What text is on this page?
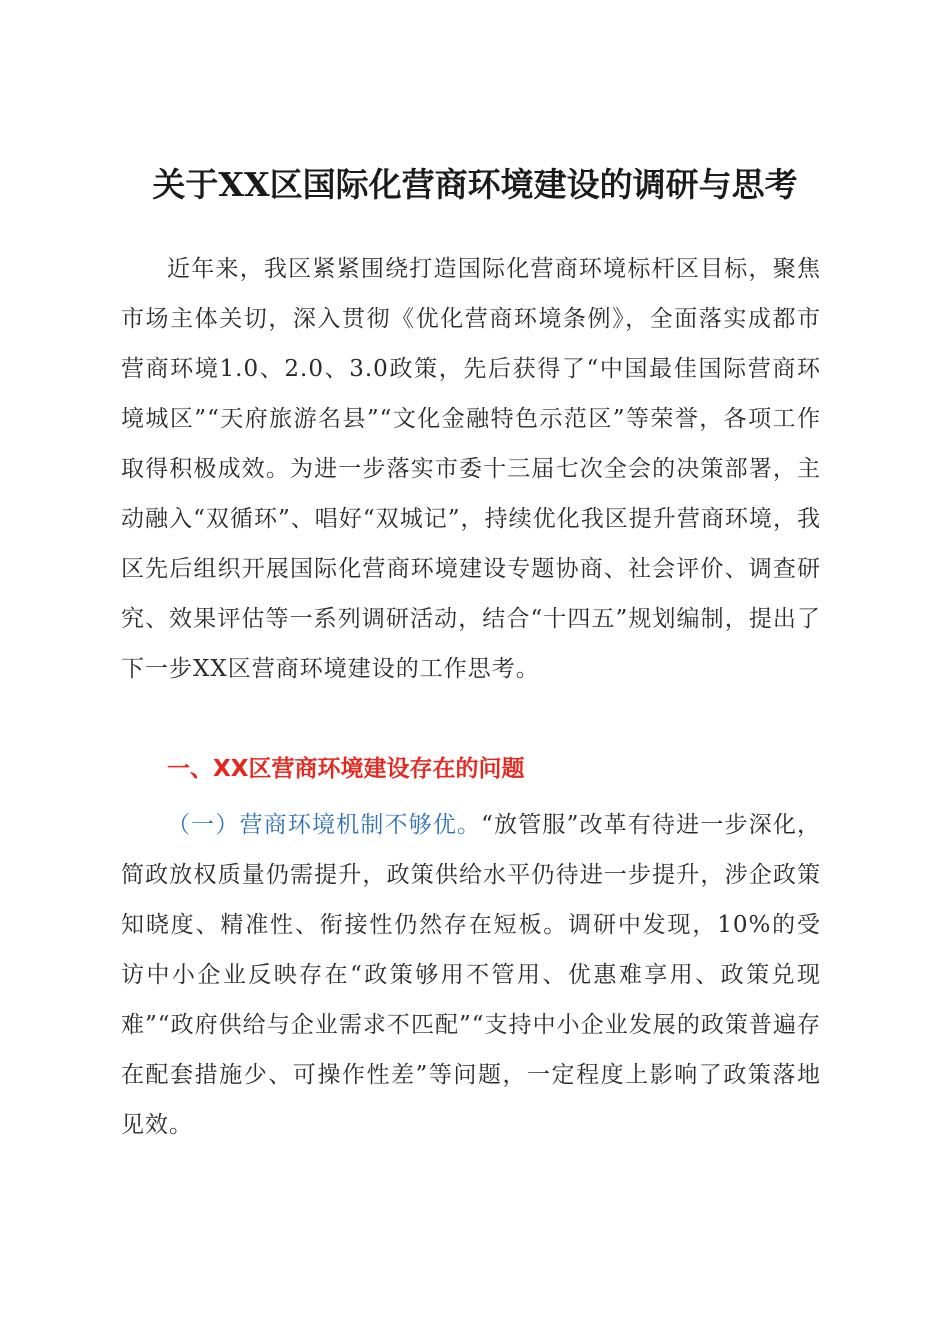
关于XX区国际化营商环境建设的调研与思考

近年来，我区紧紧围绕打造国际化营商环境标杆区目标，聚焦市场主体关切，深入贯彻《优化营商环境条例》，全面落实成都市营商环境1.0、2.0、3.0政策，先后获得了“中国最佳国际营商环境城区”“天府旅游名县”“文化金融特色示范区”等荣誉，各项工作取得积极成效。为进一步落实市委十三届七次全会的决策部署，主动融入“双循环”、唱好“双城记”，持续优化我区提升营商环境，我区先后组织开展国际化营商环境建设专题协商、社会评价、调查研究、效果评估等一系列调研活动，结合“十四五”规划编制，提出了下一步XX区营商环境建设的工作思考。

一、XX区营商环境建设存在的问题

（一）营商环境机制不够优。“放管服”改革有待进一步深化，简政放权质量仍需提升，政策供给水平仍待进一步提升，涉企政策知晓度、精准性、衔接性仍然存在短板。调研中发现，10%的受访中小企业反映存在“政策够用不管用、优惠难享用、政策兑现难”“政府供给与企业需求不匹配”“支持中小企业发展的政策普遍存在配套措施少、可操作性差”等问题，一定程度上影响了政策落地见效。
